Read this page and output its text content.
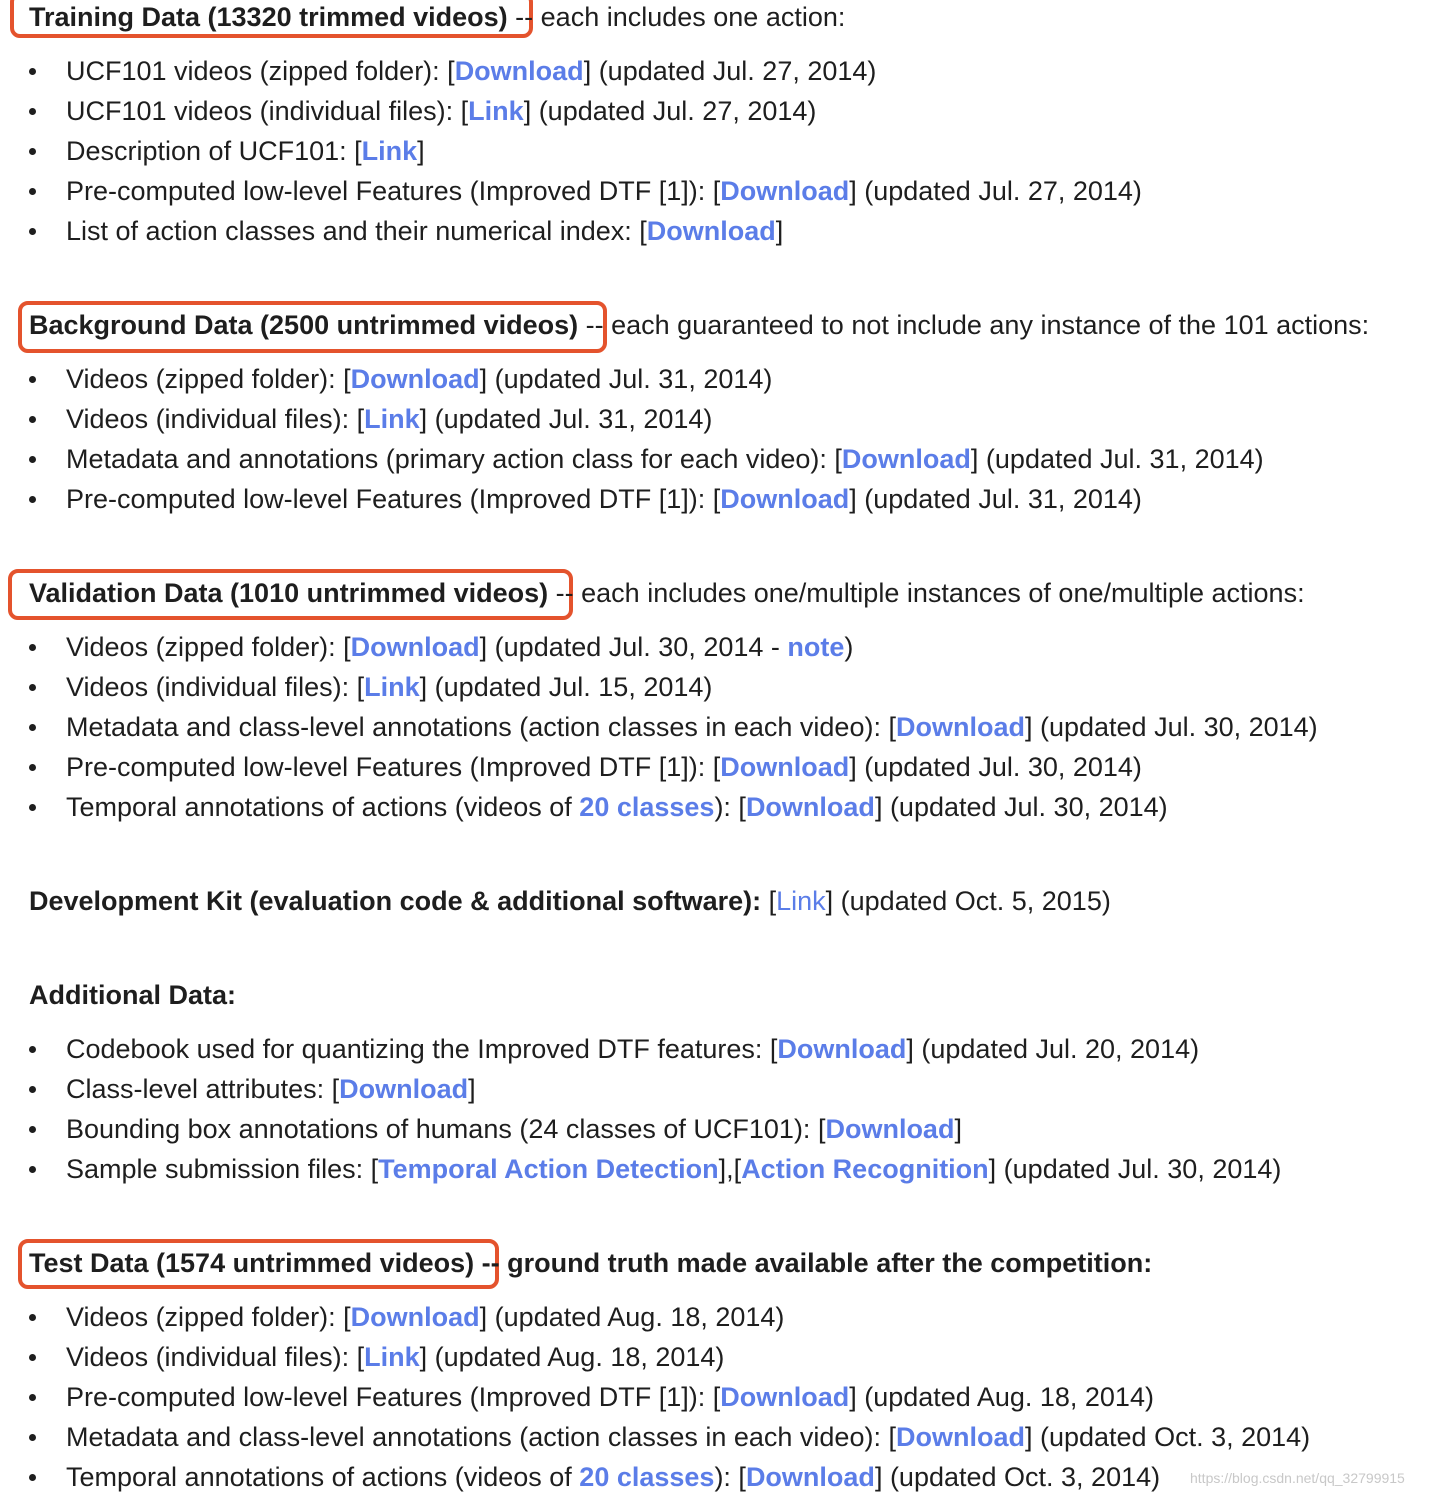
Training Data (13320 trimmed videos) -- each includes one action:
UCF101 videos (zipped folder): [Download] (updated Jul. 27, 2014)
UCF101 videos (individual files): [Link] (updated Jul. 27, 2014)
Description of UCF101: [Link]
Pre-computed low-level Features (Improved DTF [1]): [Download] (updated Jul. 27, 2014)
List of action classes and their numerical index: [Download]
Background Data (2500 untrimmed videos) -- each guaranteed to not include any instance of the 101 actions:
Videos (zipped folder): [Download] (updated Jul. 31, 2014)
Videos (individual files): [Link] (updated Jul. 31, 2014)
Metadata and annotations (primary action class for each video): [Download] (updated Jul. 31, 2014)
Pre-computed low-level Features (Improved DTF [1]): [Download] (updated Jul. 31, 2014)
Validation Data (1010 untrimmed videos) -- each includes one/multiple instances of one/multiple actions:
Videos (zipped folder): [Download] (updated Jul. 30, 2014 - note)
Videos (individual files): [Link] (updated Jul. 15, 2014)
Metadata and class-level annotations (action classes in each video): [Download] (updated Jul. 30, 2014)
Pre-computed low-level Features (Improved DTF [1]): [Download] (updated Jul. 30, 2014)
Temporal annotations of actions (videos of 20 classes): [Download] (updated Jul. 30, 2014)
Development Kit (evaluation code & additional software): [Link] (updated Oct. 5, 2015)
Additional Data:
Codebook used for quantizing the Improved DTF features: [Download] (updated Jul. 20, 2014)
Class-level attributes: [Download]
Bounding box annotations of humans (24 classes of UCF101): [Download]
Sample submission files: [Temporal Action Detection],[Action Recognition] (updated Jul. 30, 2014)
Test Data (1574 untrimmed videos) -- ground truth made available after the competition:
Videos (zipped folder): [Download] (updated Aug. 18, 2014)
Videos (individual files): [Link] (updated Aug. 18, 2014)
Pre-computed low-level Features (Improved DTF [1]): [Download] (updated Aug. 18, 2014)
Metadata and class-level annotations (action classes in each video): [Download] (updated Oct. 3, 2014)
Temporal annotations of actions (videos of 20 classes): [Download] (updated Oct. 3, 2014) https://blog.csdn.net/qq_32799915
